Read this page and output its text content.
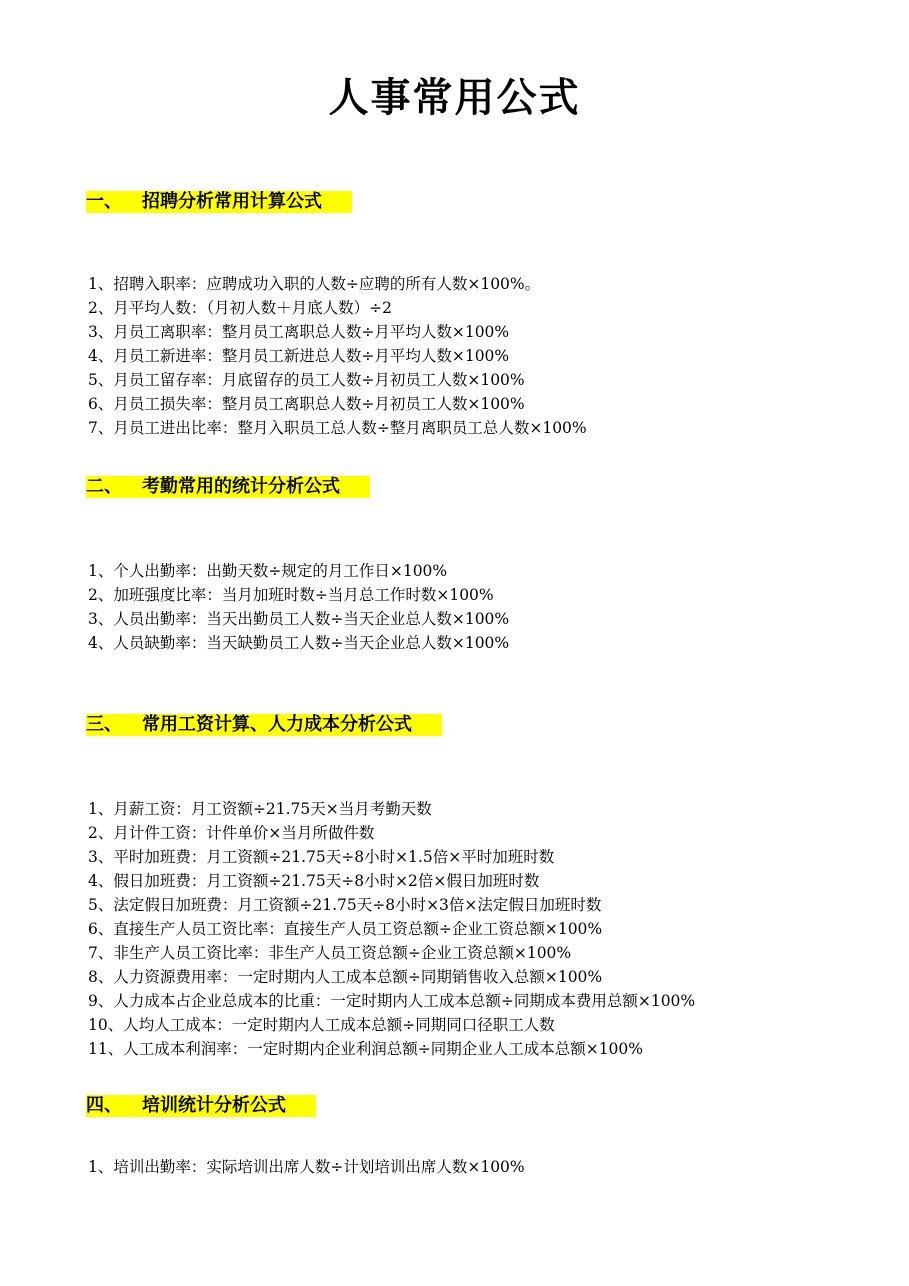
人事常用公式
一、 招聘分析常用计算公式
1、招聘入职率：应聘成功入职的人数÷应聘的所有人数×100%。
2、月平均人数：（月初人数＋月底人数）÷2
3、月员工离职率：整月员工离职总人数÷月平均人数×100%
4、月员工新进率：整月员工新进总人数÷月平均人数×100%
5、月员工留存率：月底留存的员工人数÷月初员工人数×100%
6、月员工损失率：整月员工离职总人数÷月初员工人数×100%
7、月员工进出比率：整月入职员工总人数÷整月离职员工总人数×100%
二、 考勤常用的统计分析公式
1、个人出勤率：出勤天数÷规定的月工作日×100%
2、加班强度比率：当月加班时数÷当月总工作时数×100%
3、人员出勤率：当天出勤员工人数÷当天企业总人数×100%
4、人员缺勤率：当天缺勤员工人数÷当天企业总人数×100%
三、 常用工资计算、人力成本分析公式
1、月薪工资：月工资额÷21.75天×当月考勤天数
2、月计件工资：计件单价×当月所做件数
3、平时加班费：月工资额÷21.75天÷8小时×1.5倍×平时加班时数
4、假日加班费：月工资额÷21.75天÷8小时×2倍×假日加班时数
5、法定假日加班费：月工资额÷21.75天÷8小时×3倍×法定假日加班时数
6、直接生产人员工资比率：直接生产人员工资总额÷企业工资总额×100%
7、非生产人员工资比率：非生产人员工资总额÷企业工资总额×100%
8、人力资源费用率：一定时期内人工成本总额÷同期销售收入总额×100%
9、人力成本占企业总成本的比重：一定时期内人工成本总额÷同期成本费用总额×100%
10、人均人工成本：一定时期内人工成本总额÷同期同口径职工人数
11、人工成本利润率：一定时期内企业利润总额÷同期企业人工成本总额×100%
四、 培训统计分析公式
1、培训出勤率：实际培训出席人数÷计划培训出席人数×100%
